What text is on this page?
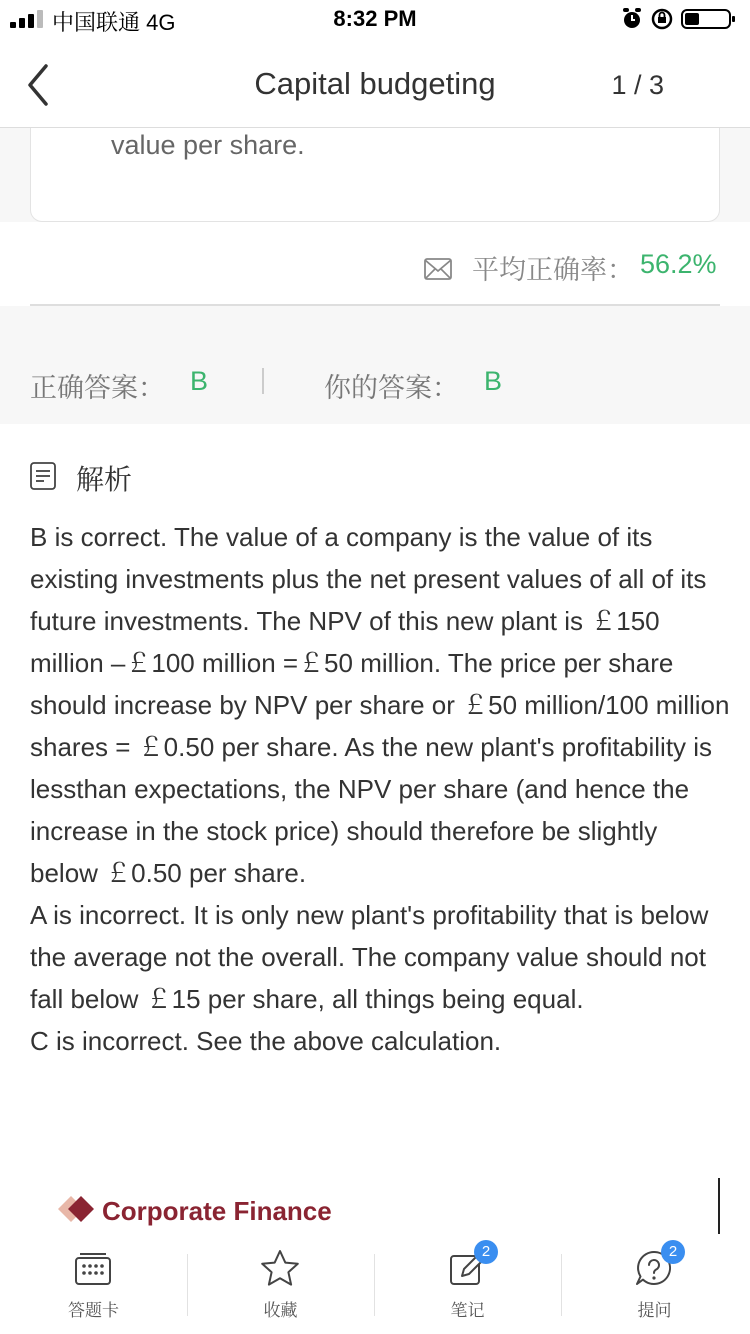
中国联通 4G	8:32 PM
Capital budgeting	1 / 3
value per share.
平均正确率： 56.2%
正确答案： B	你的答案： B
解析

B is correct. The value of a company is the value of its existing investments plus the net present values of all of its future investments. The NPV of this new plant is ￡150 million –￡100 million =￡50 million. The price per share should increase by NPV per share or ￡50 million/100 million shares = ￡0.50 per share. As the new plant's profitability is lessthan expectations, the NPV per share (and hence the increase in the stock price) should therefore be slightly below ￡0.50 per share.

A is incorrect. It is only new plant's profitability that is below the average not the overall. The company value should not fall below ￡15 per share, all things being equal.

C is incorrect. See the above calculation.

Corporate Finance
答题卡	收藏
2
笔记
2
提问
